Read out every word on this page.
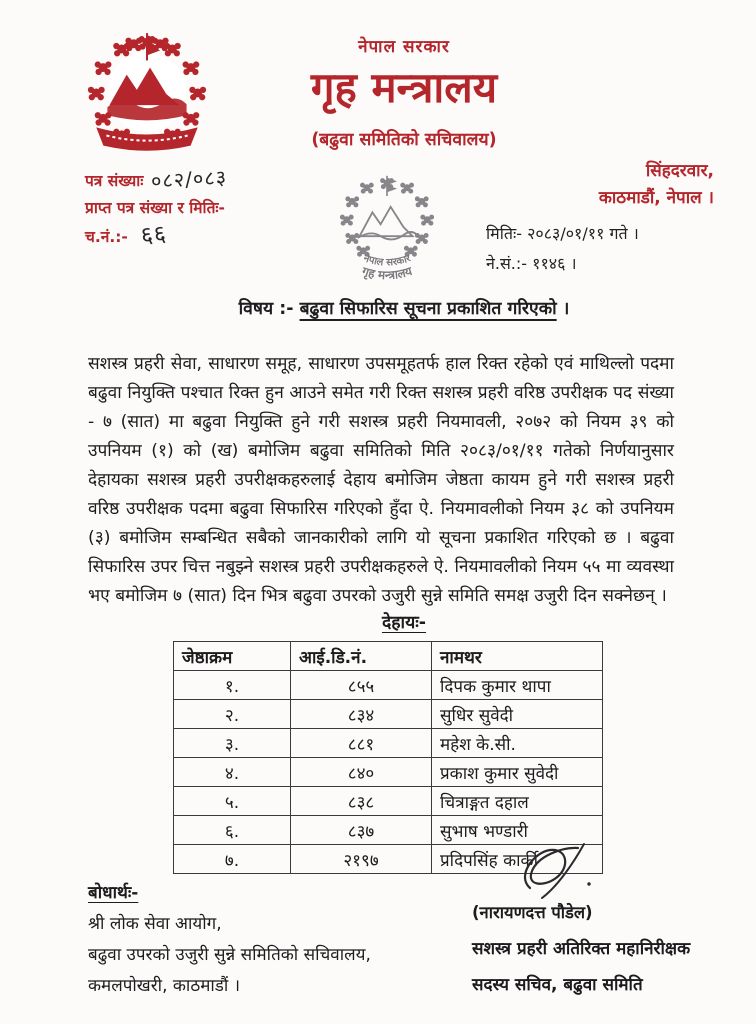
नेपाल सरकार
गृह मन्त्रालय
(बढुवा समितिको सचिवालय)
पत्र संख्याः ०८२/०८३
प्राप्त पत्र संख्या र मितिः-
च.नं.:- ६६
नेपाल सरकार
गृह मन्त्रालय
सिंहदरवार,
काठमाडौं, नेपाल ।
मितिः- २०८३/०१/११ गते ।
ने.सं.:- ११४६ ।
विषय :- बढुवा सिफारिस सूचना प्रकाशित गरिएको ।
सशस्त्र प्रहरी सेवा, साधारण समूह, साधारण उपसमूहतर्फ हाल रिक्त रहेको एवं माथिल्लो पदमा बढुवा नियुक्ति पश्चात रिक्त हुन आउने समेत गरी रिक्त सशस्त्र प्रहरी वरिष्ठ उपरीक्षक पद संख्या - ७ (सात) मा बढुवा नियुक्ति हुने गरी सशस्त्र प्रहरी नियमावली, २०७२ को नियम ३९ को उपनियम (१) को (ख) बमोजिम बढुवा समितिको मिति २०८३/०१/११ गतेको निर्णयानुसार देहायका सशस्त्र प्रहरी उपरीक्षकहरुलाई देहाय बमोजिम जेष्ठता कायम हुने गरी सशस्त्र प्रहरी वरिष्ठ उपरीक्षक पदमा बढुवा सिफारिस गरिएको हुँदा ऐ. नियमावलीको नियम ३८ को उपनियम (३) बमोजिम सम्बन्धित सबैको जानकारीको लागि यो सूचना प्रकाशित गरिएको छ । बढुवा सिफारिस उपर चित्त नबुझ्ने सशस्त्र प्रहरी उपरीक्षकहरुले ऐ. नियमावलीको नियम ५५ मा व्यवस्था भए बमोजिम ७ (सात) दिन भित्र बढुवा उपरको उजुरी सुन्ने समिति समक्ष उजुरी दिन सक्नेछन् ।
देहायः-
जेष्ठाक्रम	आई.डि.नं.	नामथर
१.	८५५	दिपक कुमार थापा
२.	८३४	सुधिर सुवेदी
३.	८८१	महेश के.सी.
४.	८४०	प्रकाश कुमार सुवेदी
५.	८३८	चित्राङ्गत दहाल
६.	८३७	सुभाष भण्डारी
७.	२१९७	प्रदिपसिंह कार्की
बोधार्थः-
श्री लोक सेवा आयोग,
बढुवा उपरको उजुरी सुन्ने समितिको सचिवालय,
कमलपोखरी, काठमाडौं ।
(नारायणदत्त पौडेल)
सशस्त्र प्रहरी अतिरिक्त महानिरीक्षक
सदस्य सचिव, बढुवा समिति
